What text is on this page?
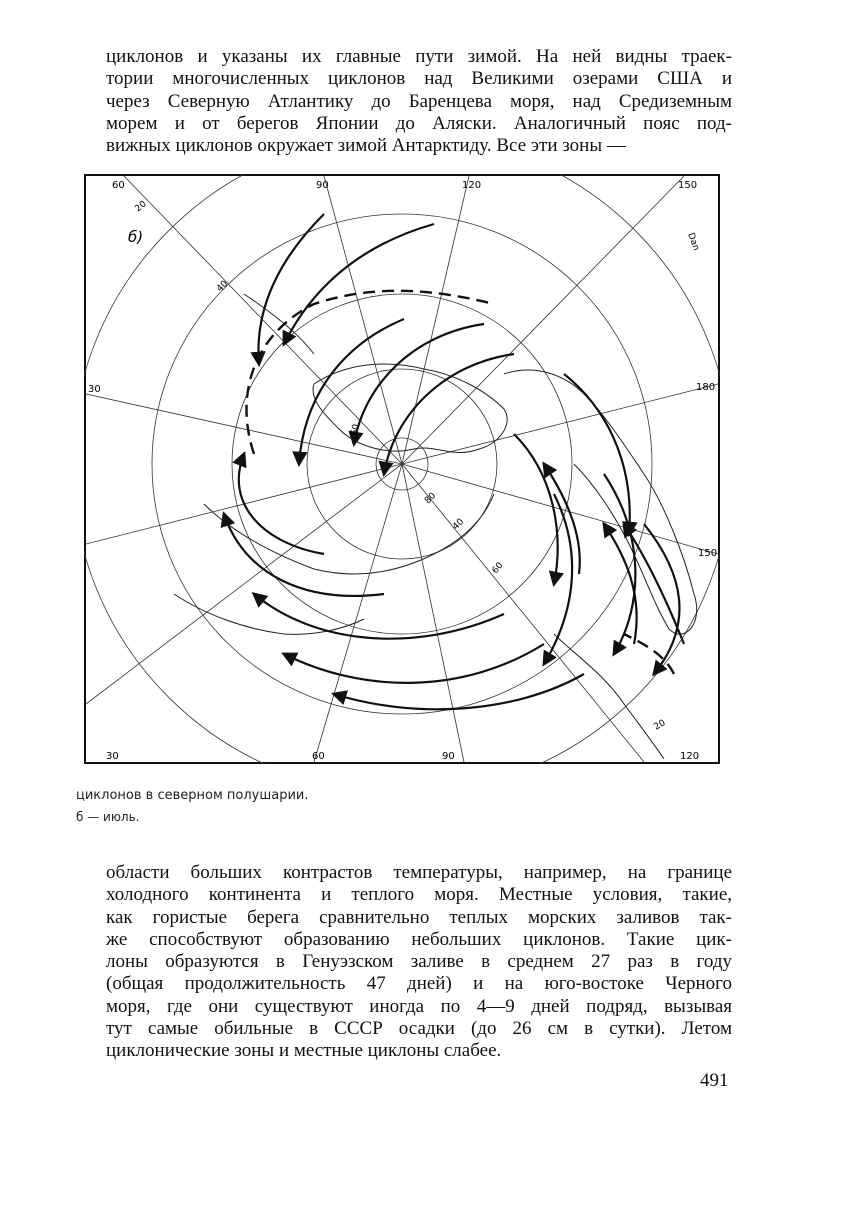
циклонов и указаны их главные пути зимой. На ней видны траек-
тории многочисленных циклонов над Великими озерами США и
через Северную Атлантику до Баренцева моря, над Средиземным
морем и от берегов Японии до Аляски. Аналогичный пояс под-
вижных циклонов окружает зимой Антарктиду. Все эти зоны —
60	90	120	150
30	60	90	120
30	180
150
б)	Dan
20
40
60
80
40
60
20
циклонов в северном полушарии.
б — июль.
области больших контрастов температуры, например, на границе
холодного континента и теплого моря. Местные условия, такие,
как гористые берега сравнительно теплых морских заливов так-
же способствуют образованию небольших циклонов. Такие цик-
лоны образуются в Генуэзском заливе в среднем 27 раз в году
(общая продолжительность 47 дней) и на юго-востоке Черного
моря, где они существуют иногда по 4—9 дней подряд, вызывая
тут самые обильные в СССР осадки (до 26 см в сутки). Летом
циклонические зоны и местные циклоны слабее.
491
